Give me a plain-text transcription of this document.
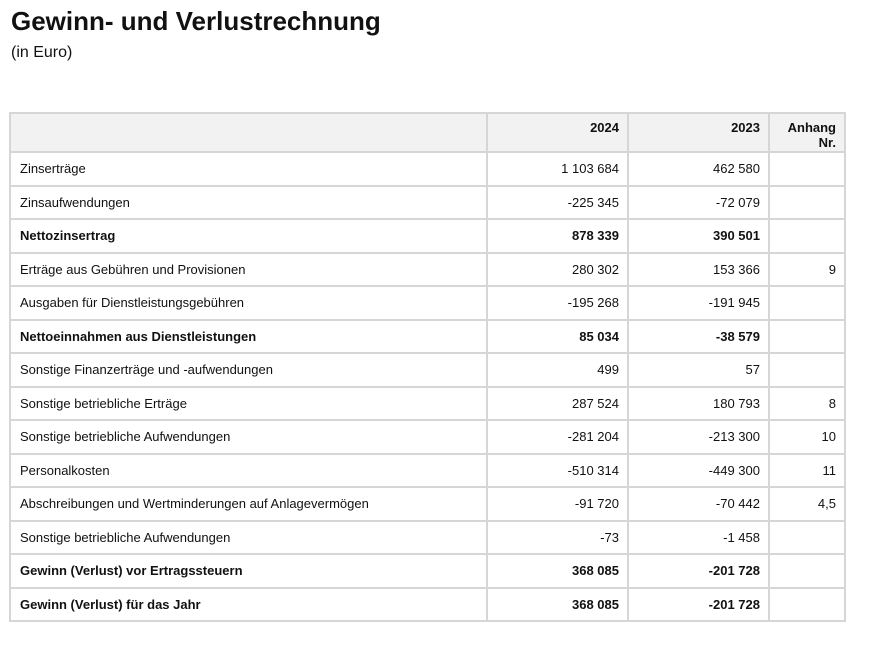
Gewinn- und Verlustrechnung

(in Euro)

	2024	2023	Anhang
Nr.
Zinserträge	1 103 684	462 580	
Zinsaufwendungen	-225 345	-72 079	
Nettozinsertrag	878 339	390 501	
Erträge aus Gebühren und Provisionen	280 302	153 366	9
Ausgaben für Dienstleistungsgebühren	-195 268	-191 945	
Nettoeinnahmen aus Dienstleistungen	85 034	-38 579	
Sonstige Finanzerträge und -aufwendungen	499	57	
Sonstige betriebliche Erträge	287 524	180 793	8
Sonstige betriebliche Aufwendungen	-281 204	-213 300	10
Personalkosten	-510 314	-449 300	11
Abschreibungen und Wertminderungen auf Anlagevermögen	-91 720	-70 442	4,5
Sonstige betriebliche Aufwendungen	-73	-1 458	
Gewinn (Verlust) vor Ertragssteuern	368 085	-201 728	
Gewinn (Verlust) für das Jahr	368 085	-201 728	
